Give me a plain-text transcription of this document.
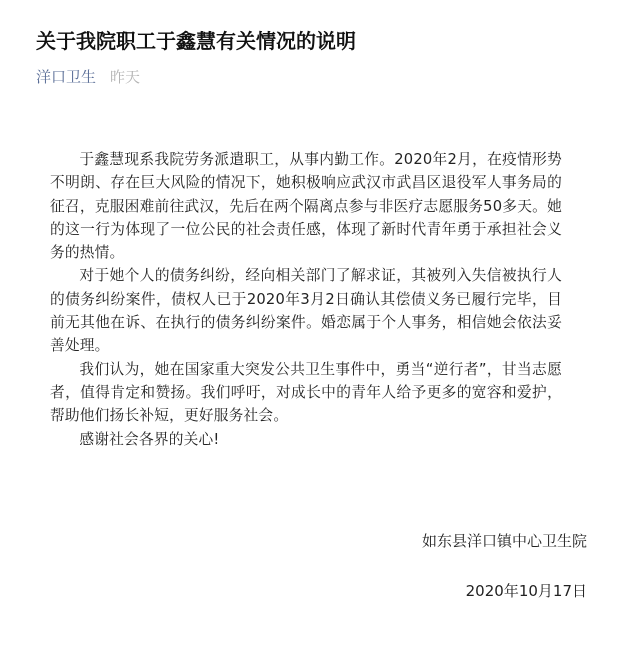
关于我院职工于鑫慧有关情况的说明
洋口卫生 昨天

于鑫慧现系我院劳务派遣职工，从事内勤工作。2020年2月，在疫情形势不明朗、存在巨大风险的情况下，她积极响应武汉市武昌区退役军人事务局的征召，克服困难前往武汉，先后在两个隔离点参与非医疗志愿服务50多天。她的这一行为体现了一位公民的社会责任感，体现了新时代青年勇于承担社会义务的热情。

对于她个人的债务纠纷，经向相关部门了解求证，其被列入失信被执行人的债务纠纷案件，债权人已于2020年3月2日确认其偿债义务已履行完毕，目前无其他在诉、在执行的债务纠纷案件。婚恋属于个人事务，相信她会依法妥善处理。

我们认为，她在国家重大突发公共卫生事件中，勇当“逆行者”，甘当志愿者，值得肯定和赞扬。我们呼吁，对成长中的青年人给予更多的宽容和爱护，帮助他们扬长补短，更好服务社会。

感谢社会各界的关心!

如东县洋口镇中心卫生院
2020年10月17日
